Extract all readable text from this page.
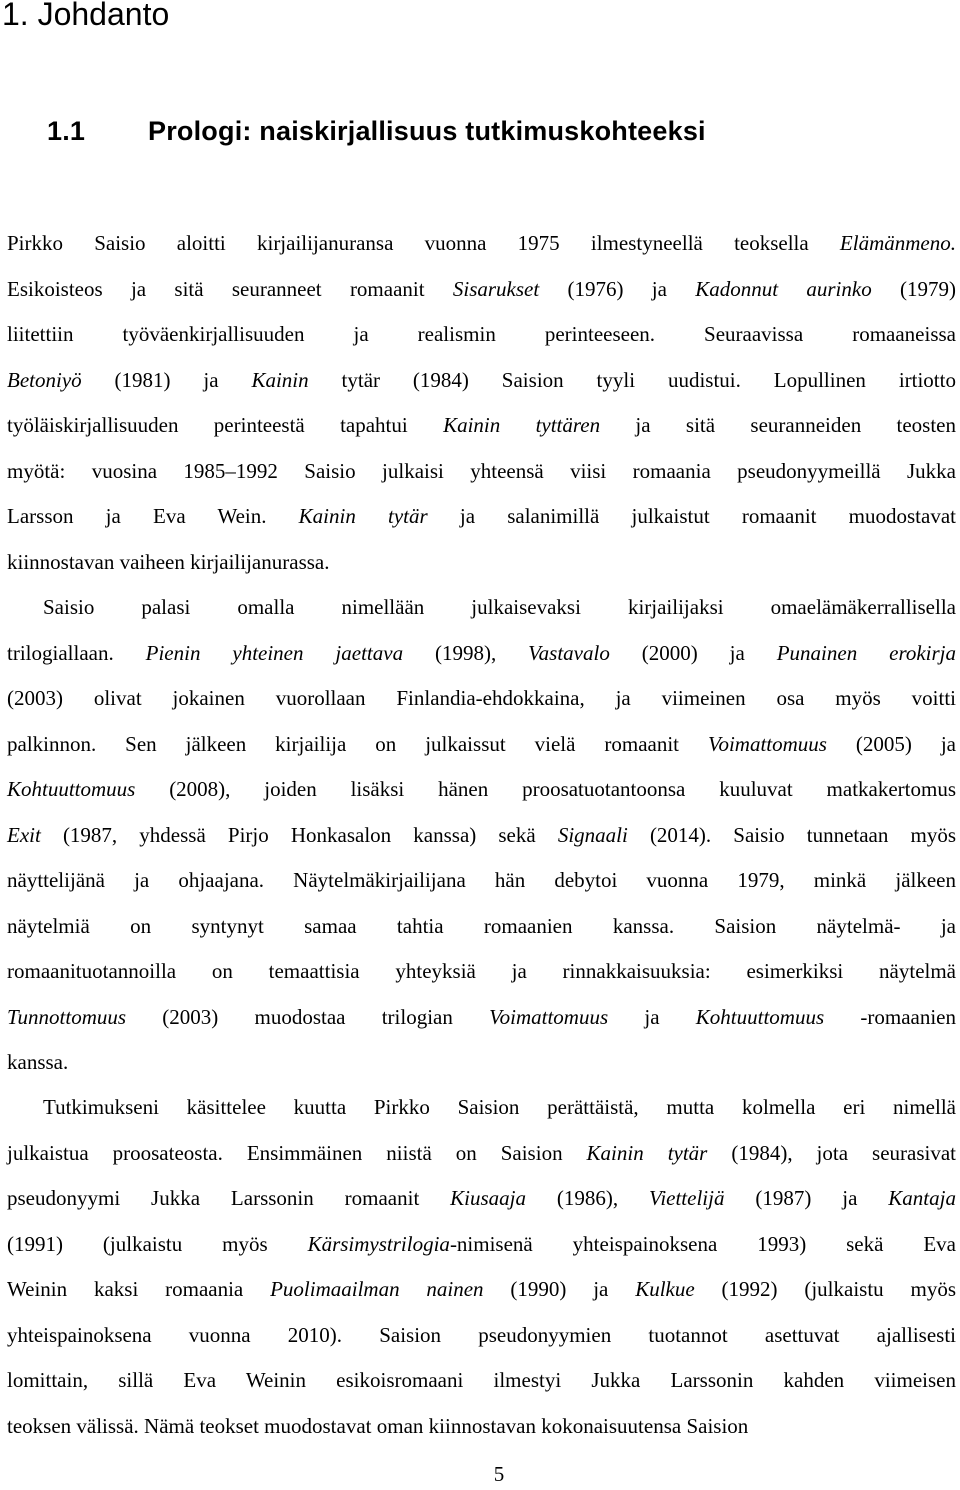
1. Johdanto
1.1 Prologi: naiskirjallisuus tutkimuskohteeksi
Pirkko Saisio aloitti kirjailijanuransa vuonna 1975 ilmestyneellä teoksella Elämänmeno.
Esikoisteos ja sitä seuranneet romaanit Sisarukset (1976) ja Kadonnut aurinko (1979)
liitettiin työväenkirjallisuuden ja realismin perinteeseen. Seuraavissa romaaneissa
Betoniyö (1981) ja Kainin tytär (1984) Saision tyyli uudistui. Lopullinen irtiotto
työläiskirjallisuuden perinteestä tapahtui Kainin tyttären ja sitä seuranneiden teosten
myötä: vuosina 1985–1992 Saisio julkaisi yhteensä viisi romaania pseudonyymeillä Jukka
Larsson ja Eva Wein. Kainin tytär ja salanimillä julkaistut romaanit muodostavat
kiinnostavan vaiheen kirjailijanurassa.
Saisio palasi omalla nimellään julkaisevaksi kirjailijaksi omaelämäkerrallisella
trilogiallaan. Pienin yhteinen jaettava (1998), Vastavalo (2000) ja Punainen erokirja
(2003) olivat jokainen vuorollaan Finlandia-ehdokkaina, ja viimeinen osa myös voitti
palkinnon. Sen jälkeen kirjailija on julkaissut vielä romaanit Voimattomuus (2005) ja
Kohtuuttomuus (2008), joiden lisäksi hänen proosatuotantoonsa kuuluvat matkakertomus
Exit (1987, yhdessä Pirjo Honkasalon kanssa) sekä Signaali (2014). Saisio tunnetaan myös
näyttelijänä ja ohjaajana. Näytelmäkirjailijana hän debytoi vuonna 1979, minkä jälkeen
näytelmiä on syntynyt samaa tahtia romaanien kanssa. Saision näytelmä- ja
romaanituotannoilla on temaattisia yhteyksiä ja rinnakkaisuuksia: esimerkiksi näytelmä
Tunnottomuus (2003) muodostaa trilogian Voimattomuus ja Kohtuuttomuus -romaanien
kanssa.
Tutkimukseni käsittelee kuutta Pirkko Saision perättäistä, mutta kolmella eri nimellä
julkaistua proosateosta. Ensimmäinen niistä on Saision Kainin tytär (1984), jota seurasivat
pseudonyymi Jukka Larssonin romaanit Kiusaaja (1986), Viettelijä (1987) ja Kantaja
(1991) (julkaistu myös Kärsimystrilogia-nimisenä yhteispainoksena 1993) sekä Eva
Weinin kaksi romaania Puolimaailman nainen (1990) ja Kulkue (1992) (julkaistu myös
yhteispainoksena vuonna 2010). Saision pseudonyymien tuotannot asettuvat ajallisesti
lomittain, sillä Eva Weinin esikoisromaani ilmestyi Jukka Larssonin kahden viimeisen
teoksen välissä. Nämä teokset muodostavat oman kiinnostavan kokonaisuutensa Saision
5
